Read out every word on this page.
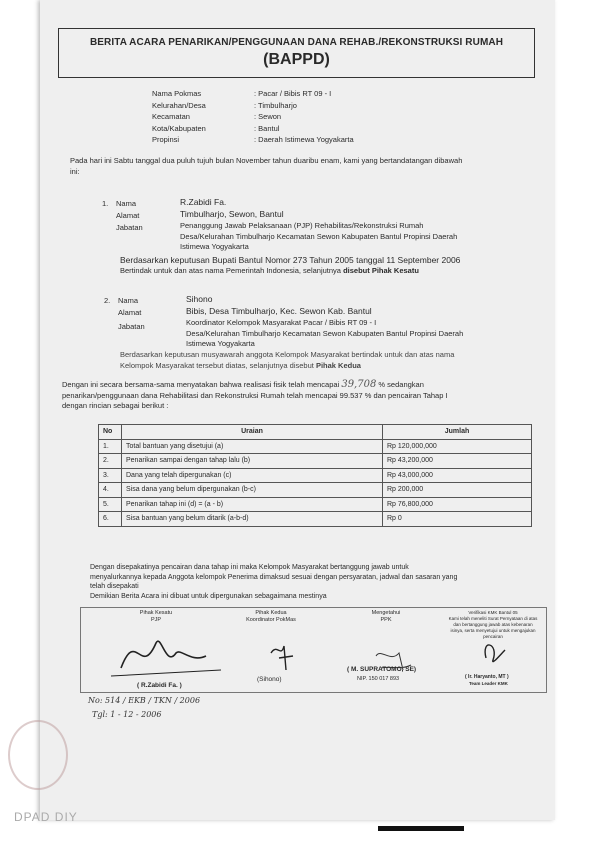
BERITA ACARA PENARIKAN/PENGGUNAAN DANA REHAB./REKONSTRUKSI RUMAH
(BAPPD)
Nama Pokmas	: Pacar / Bibis RT 09 - I
Kelurahan/Desa	: Timbulharjo
Kecamatan	: Sewon
Kota/Kabupaten	: Bantul
Propinsi	: Daerah Istimewa Yogyakarta
Pada hari ini Sabtu tanggal dua puluh tujuh bulan November tahun duaribu enam, kami yang bertandatangan dibawah
ini:
1. Nama	R.Zabidi Fa.
Alamat	Timbulharjo, Sewon, Bantul
Jabatan	Penanggung Jawab Pelaksanaan (PJP) Rehabilitas/Rekonstruksi Rumah
Desa/Kelurahan Timbulharjo Kecamatan Sewon Kabupaten Bantul Propinsi Daerah
Istimewa Yogyakarta
Berdasarkan keputusan Bupati Bantul Nomor 273 Tahun 2005 tanggal 11 September 2006
Bertindak untuk dan atas nama Pemerintah Indonesia, selanjutnya disebut Pihak Kesatu
2. Nama	Sihono
Alamat	Bibis, Desa Timbulharjo, Kec. Sewon Kab. Bantul
Jabatan	Koordinator Kelompok Masyarakat Pacar / Bibis RT 09 - I
Desa/Kelurahan Timbulharjo Kecamatan Sewon Kabupaten Bantul Propinsi Daerah
Istimewa Yogyakarta
Berdasarkan keputusan musyawarah anggota Kelompok Masyarakat bertindak untuk dan atas nama
Kelompok Masyarakat tersebut diatas, selanjutnya disebut Pihak Kedua
Dengan ini secara bersama-sama menyatakan bahwa realisasi fisik telah mencapai 39,708 % sedangkan
penarikan/penggunaan dana Rehabilitasi dan Rekonstruksi Rumah telah mencapai 99.537 % dan pencairan Tahap I
dengan rincian sebagai berikut :
No	Uraian	Jumlah
1.	Total bantuan yang disetujui (a)	Rp 120,000,000
2.	Penarikan sampai dengan tahap lalu (b)	Rp 43,200,000
3.	Dana yang telah dipergunakan (c)	Rp 43,000,000
4.	Sisa dana yang belum dipergunakan (b-c)	Rp 200,000
5.	Penarikan tahap ini (d) = (a - b)	Rp 76,800,000
6.	Sisa bantuan yang belum ditarik (a-b-d)	Rp 0
Dengan disepakatinya pencairan dana tahap ini maka Kelompok Masyarakat bertanggung jawab untuk
menyalurkannya kepada Anggota kelompok Penerima dimaksud sesuai dengan persyaratan, jadwal dan sasaran yang
telah disepakati
Demikian Berita Acara ini dibuat untuk dipergunakan sebagaimana mestinya
Pihak Kesatu
PJP
Pihak Kedua
Koordinator PokMas
Mengetahui
PPK
Verifikasi KMK Bantul 05
Kami telah meneliti Surat Pernyataan di atas
dan bertanggung jawab atas kebenaran
isinya, serta menyetujui untuk mengajukan
pencairan
( R.Zabidi Fa. )
(Sihono)
( M. SUPRATOMO, SE)
NIP. 150 017 893	( Ir. Haryanto, MT )
Team Leader KMK
No: 514 / EKB / TKN / 2006
Tgl: 1 - 12 - 2006
DPAD DIY
